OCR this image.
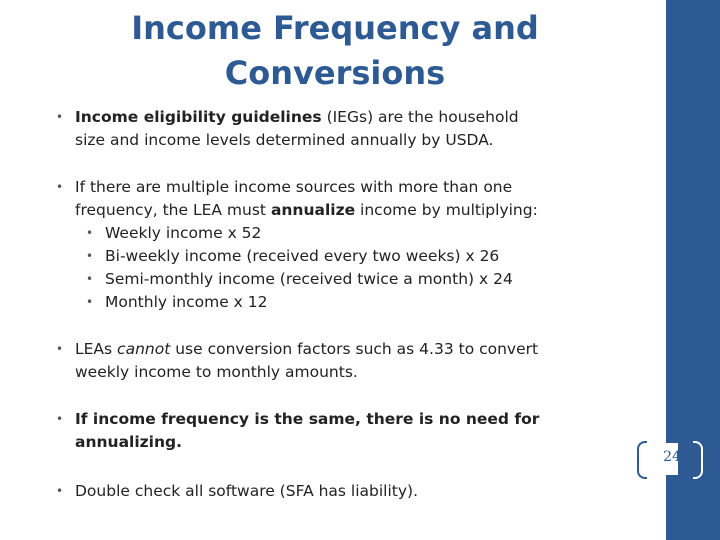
Income Frequency and
Conversions
• Income eligibility guidelines (IEGs) are the household
size and income levels determined annually by USDA.
• If there are multiple income sources with more than one
frequency, the LEA must annualize income by multiplying:
• Weekly income x 52
• Bi-weekly income (received every two weeks) x 26
• Semi-monthly income (received twice a month) x 24
• Monthly income x 12
• LEAs cannot use conversion factors such as 4.33 to convert
weekly income to monthly amounts.
• If income frequency is the same, there is no need for
annualizing.
• Double check all software (SFA has liability).
24
